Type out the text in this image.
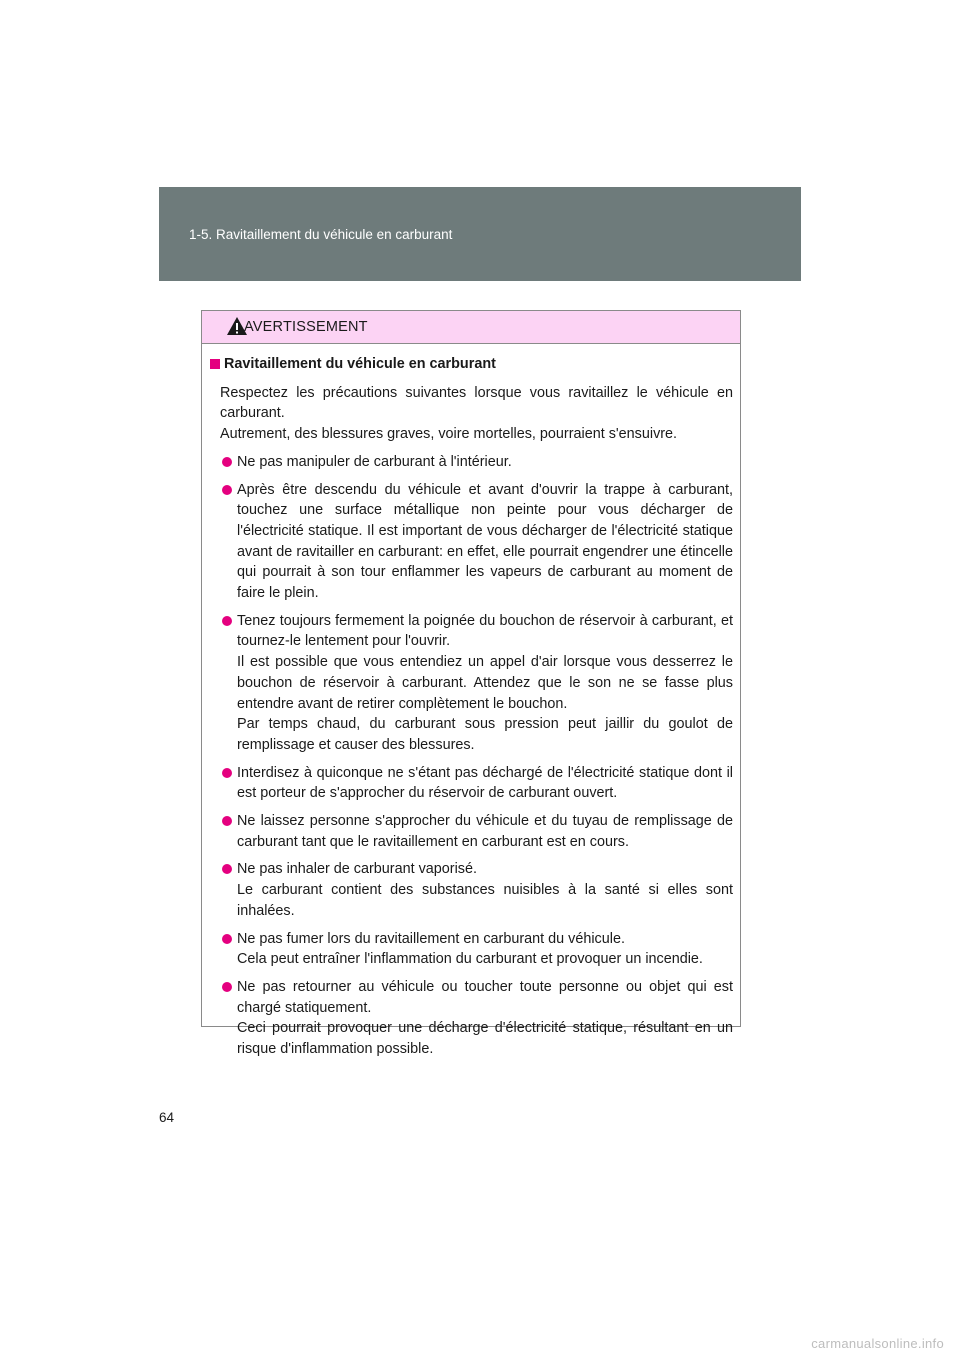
1-5. Ravitaillement du véhicule en carburant
AVERTISSEMENT
Ravitaillement du véhicule en carburant

Respectez les précautions suivantes lorsque vous ravitaillez le véhicule en carburant.

Autrement, des blessures graves, voire mortelles, pourraient s'ensuivre.

Ne pas manipuler de carburant à l'intérieur.

Après être descendu du véhicule et avant d'ouvrir la trappe à carburant, touchez une surface métallique non peinte pour vous décharger de l'électricité statique. Il est important de vous décharger de l'électricité statique avant de ravitailler en carburant: en effet, elle pourrait engendrer une étincelle qui pourrait à son tour enflammer les vapeurs de carburant au moment de faire le plein.

Tenez toujours fermement la poignée du bouchon de réservoir à carburant, et tournez-le lentement pour l'ouvrir.

Il est possible que vous entendiez un appel d'air lorsque vous desserrez le bouchon de réservoir à carburant. Attendez que le son ne se fasse plus entendre avant de retirer complètement le bouchon.

Par temps chaud, du carburant sous pression peut jaillir du goulot de remplissage et causer des blessures.

Interdisez à quiconque ne s'étant pas déchargé de l'électricité statique dont il est porteur de s'approcher du réservoir de carburant ouvert.

Ne laissez personne s'approcher du véhicule et du tuyau de remplissage de carburant tant que le ravitaillement en carburant est en cours.

Ne pas inhaler de carburant vaporisé.

Le carburant contient des substances nuisibles à la santé si elles sont inhalées.

Ne pas fumer lors du ravitaillement en carburant du véhicule.

Cela peut entraîner l'inflammation du carburant et provoquer un incendie.

Ne pas retourner au véhicule ou toucher toute personne ou objet qui est chargé statiquement.

Ceci pourrait provoquer une décharge d'électricité statique, résultant en un risque d'inflammation possible.

64
carmanualsonline.info
